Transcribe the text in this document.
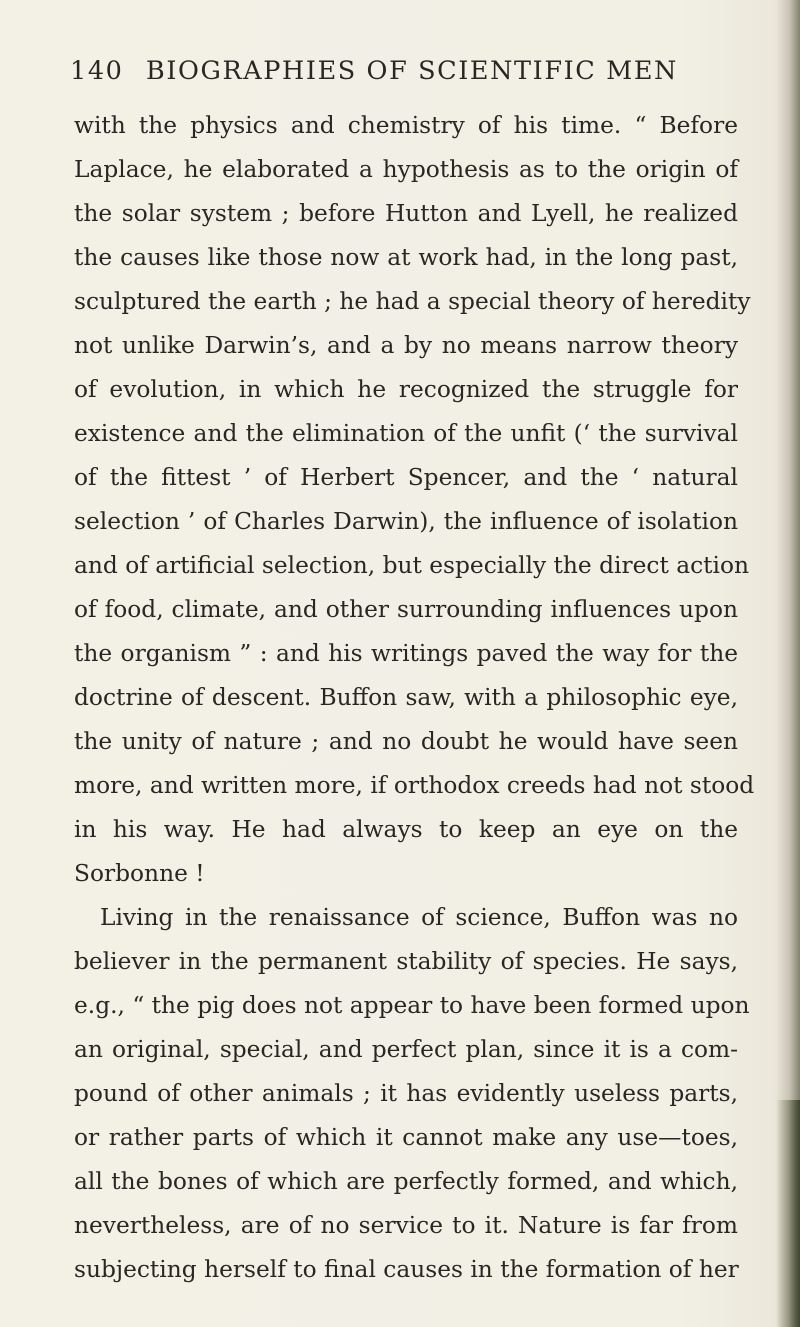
140 BIOGRAPHIES OF SCIENTIFIC MEN
with the physics and chemistry of his time. “ Before
Laplace, he elaborated a hypothesis as to the origin of
the solar system ; before Hutton and Lyell, he realized
the causes like those now at work had, in the long past,
sculptured the earth ; he had a special theory of heredity
not unlike Darwin’s, and a by no means narrow theory
of evolution, in which he recognized the struggle for
existence and the elimination of the unfit (‘ the survival
of the fittest ’ of Herbert Spencer, and the ‘ natural
selection ’ of Charles Darwin), the influence of isolation
and of artificial selection, but especially the direct action
of food, climate, and other surrounding influences upon
the organism ” : and his writings paved the way for the
doctrine of descent. Buffon saw, with a philosophic eye,
the unity of nature ; and no doubt he would have seen
more, and written more, if orthodox creeds had not stood
in his way. He had always to keep an eye on the
Sorbonne !
Living in the renaissance of science, Buffon was no
believer in the permanent stability of species. He says,
e.g., “ the pig does not appear to have been formed upon
an original, special, and perfect plan, since it is a com-
pound of other animals ; it has evidently useless parts,
or rather parts of which it cannot make any use—toes,
all the bones of which are perfectly formed, and which,
nevertheless, are of no service to it. Nature is far from
subjecting herself to final causes in the formation of her
